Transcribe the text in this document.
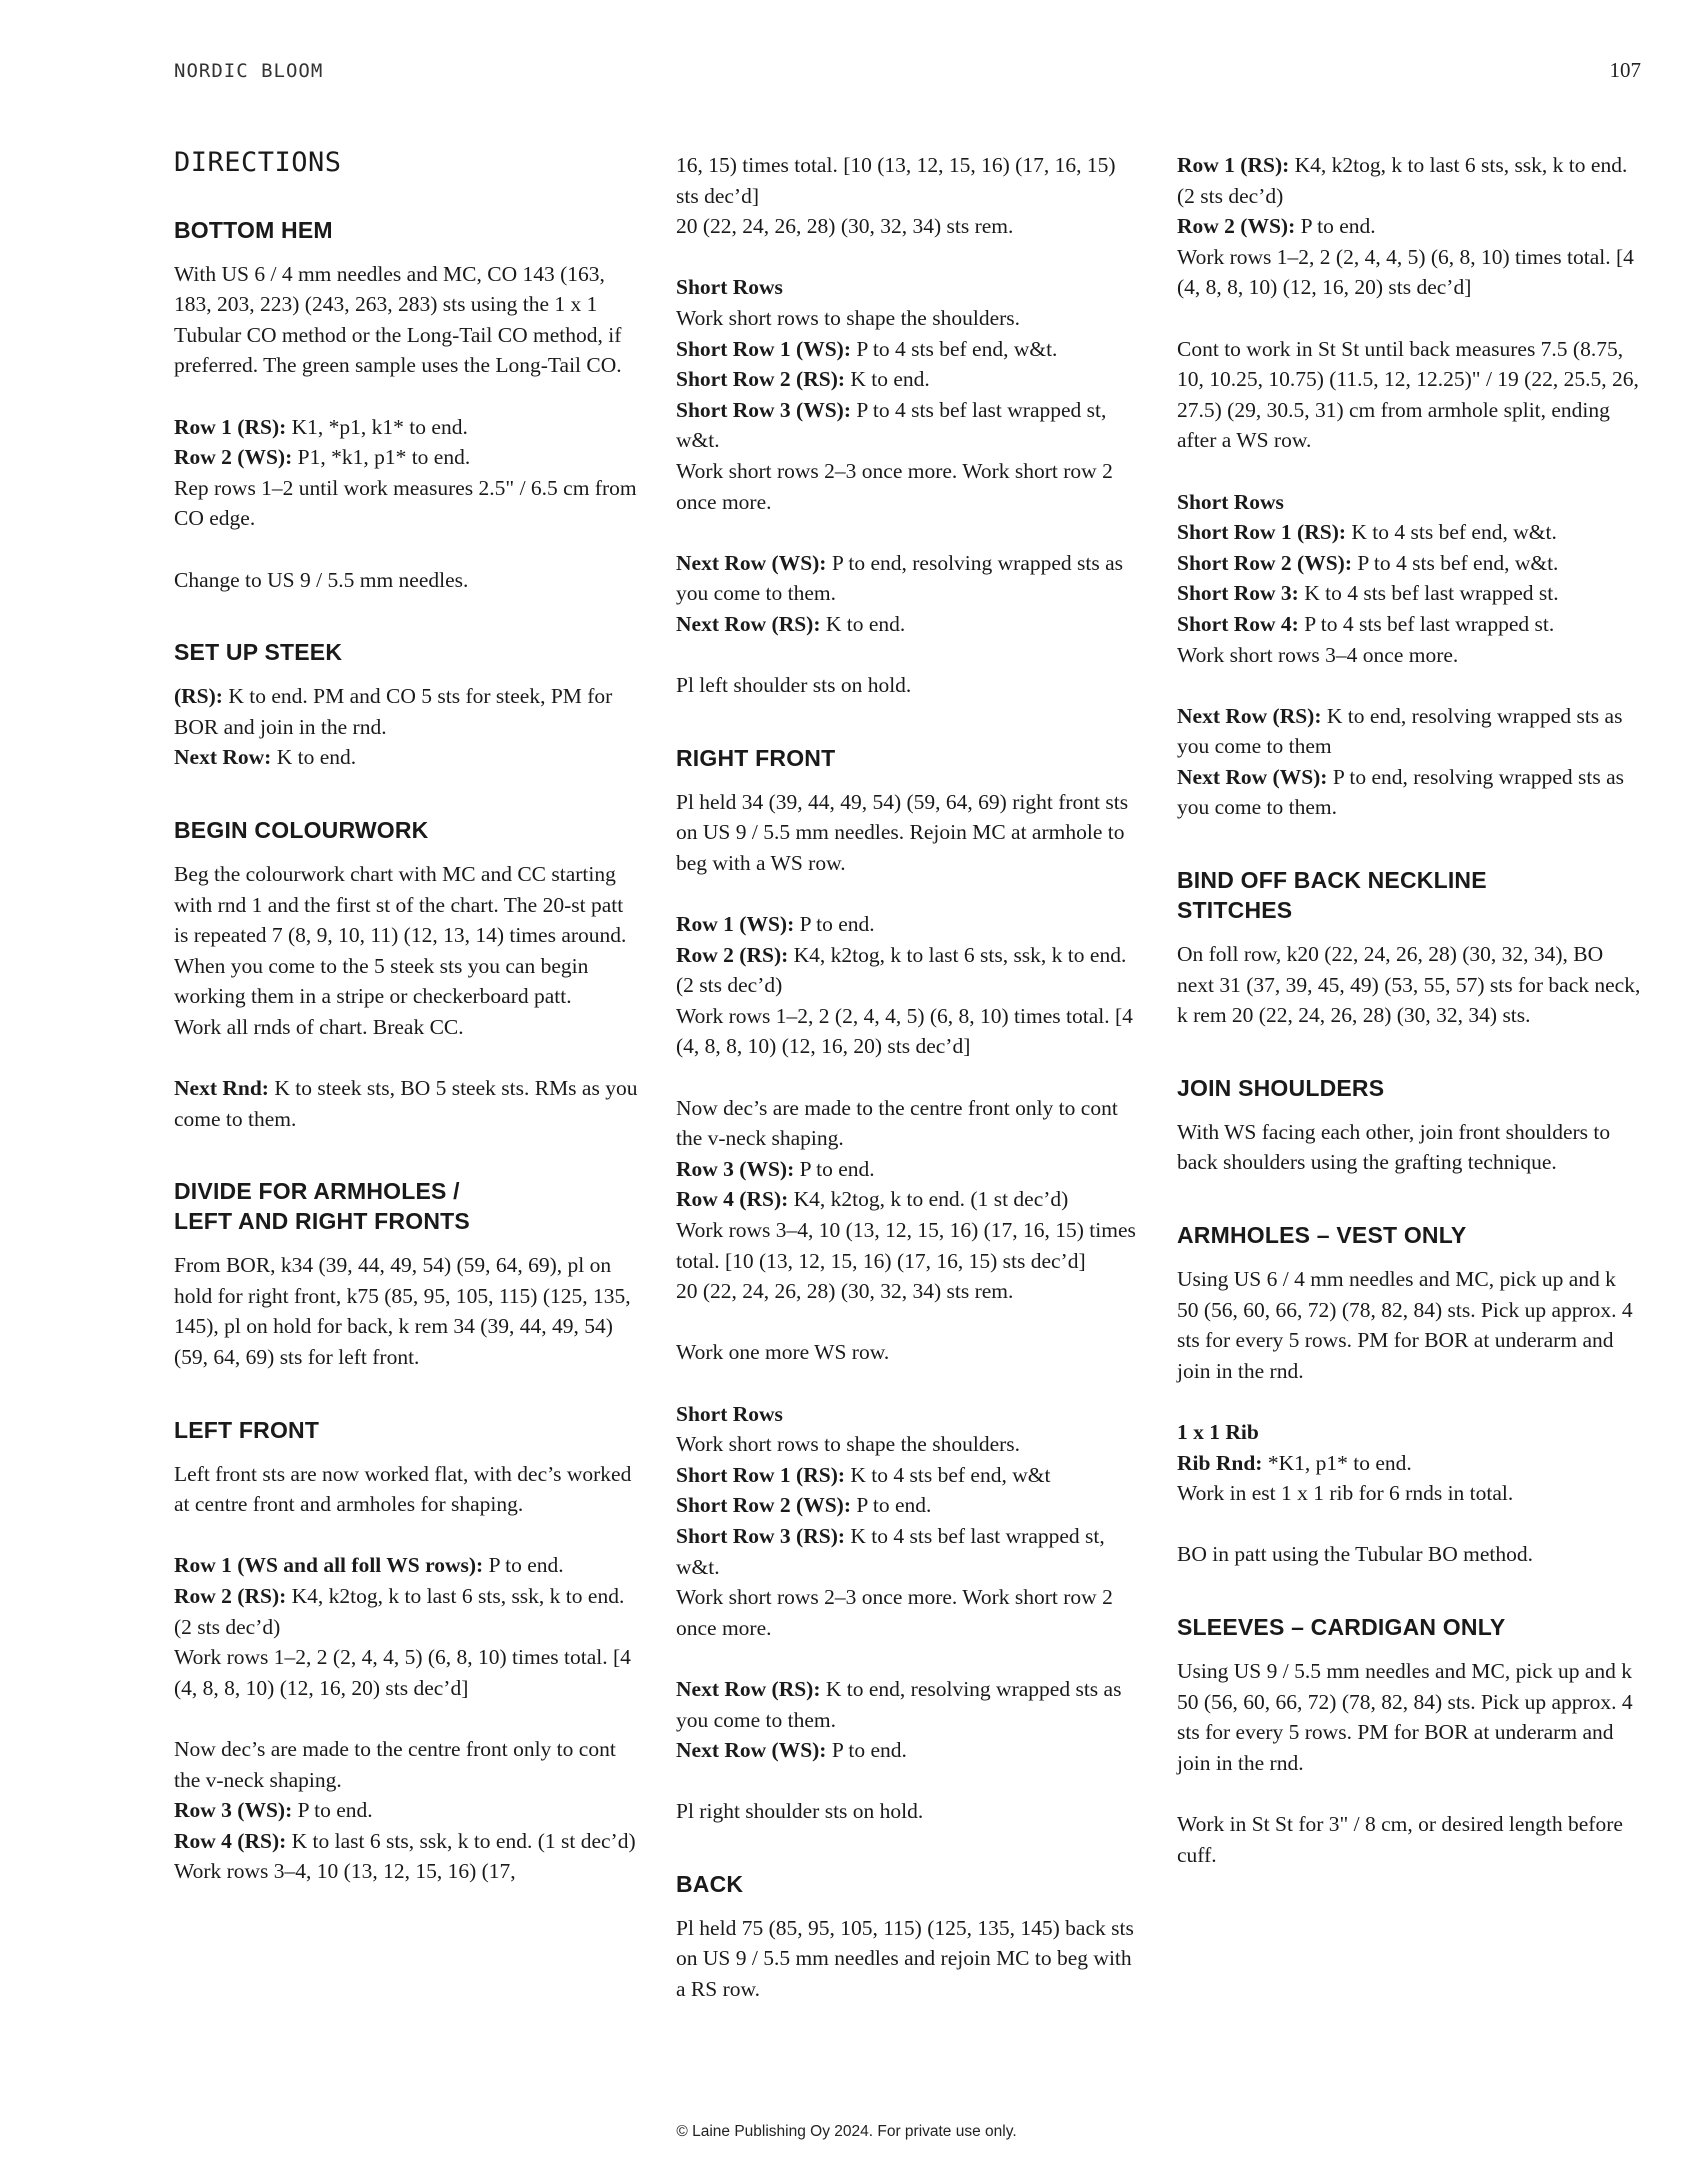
NORDIC BLOOM	107
DIRECTIONS
BOTTOM HEM

With US 6 / 4 mm needles and MC, CO 143 (163, 183, 203, 223) (243, 263, 283) sts using the 1 x 1 Tubular CO method or the Long-Tail CO method, if preferred. The green sample uses the Long-Tail CO.

Row 1 (RS): K1, *p1, k1* to end.

Row 2 (WS): P1, *k1, p1* to end.

Rep rows 1–2 until work measures 2.5" / 6.5 cm from CO edge.

Change to US 9 / 5.5 mm needles.

SET UP STEEK

(RS): K to end. PM and CO 5 sts for steek, PM for BOR and join in the rnd.

Next Row: K to end.

BEGIN COLOURWORK

Beg the colourwork chart with MC and CC starting with rnd 1 and the first st of the chart. The 20-st patt is repeated 7 (8, 9, 10, 11) (12, 13, 14) times around. When you come to the 5 steek sts you can begin working them in a stripe or checkerboard patt.

Work all rnds of chart. Break CC.

Next Rnd: K to steek sts, BO 5 steek sts. RMs as you come to them.

DIVIDE FOR ARMHOLES /
LEFT AND RIGHT FRONTS

From BOR, k34 (39, 44, 49, 54) (59, 64, 69), pl on hold for right front, k75 (85, 95, 105, 115) (125, 135, 145), pl on hold for back, k rem 34 (39, 44, 49, 54) (59, 64, 69) sts for left front.

LEFT FRONT

Left front sts are now worked flat, with dec’s worked at centre front and armholes for shaping.

Row 1 (WS and all foll WS rows): P to end.

Row 2 (RS): K4, k2tog, k to last 6 sts, ssk, k to end. (2 sts dec’d)

Work rows 1–2, 2 (2, 4, 4, 5) (6, 8, 10) times total. [4 (4, 8, 8, 10) (12, 16, 20) sts dec’d]

Now dec’s are made to the centre front only to cont the v-neck shaping.

Row 3 (WS): P to end.

Row 4 (RS): K to last 6 sts, ssk, k to end. (1 st dec’d)

Work rows 3–4, 10 (13, 12, 15, 16) (17,

16, 15) times total. [10 (13, 12, 15, 16) (17, 16, 15) sts dec’d]

20 (22, 24, 26, 28) (30, 32, 34) sts rem.

Short Rows

Work short rows to shape the shoulders.

Short Row 1 (WS): P to 4 sts bef end, w&t.

Short Row 2 (RS): K to end.

Short Row 3 (WS): P to 4 sts bef last wrapped st, w&t.

Work short rows 2–3 once more. Work short row 2 once more.

Next Row (WS): P to end, resolving wrapped sts as you come to them.

Next Row (RS): K to end.

Pl left shoulder sts on hold.

RIGHT FRONT

Pl held 34 (39, 44, 49, 54) (59, 64, 69) right front sts on US 9 / 5.5 mm needles. Rejoin MC at armhole to beg with a WS row.

Row 1 (WS): P to end.

Row 2 (RS): K4, k2tog, k to last 6 sts, ssk, k to end. (2 sts dec’d)

Work rows 1–2, 2 (2, 4, 4, 5) (6, 8, 10) times total. [4 (4, 8, 8, 10) (12, 16, 20) sts dec’d]

Now dec’s are made to the centre front only to cont the v-neck shaping.

Row 3 (WS): P to end.

Row 4 (RS): K4, k2tog, k to end. (1 st dec’d)

Work rows 3–4, 10 (13, 12, 15, 16) (17, 16, 15) times total. [10 (13, 12, 15, 16) (17, 16, 15) sts dec’d]

20 (22, 24, 26, 28) (30, 32, 34) sts rem.

Work one more WS row.

Short Rows

Work short rows to shape the shoulders.

Short Row 1 (RS): K to 4 sts bef end, w&t

Short Row 2 (WS): P to end.

Short Row 3 (RS): K to 4 sts bef last wrapped st, w&t.

Work short rows 2–3 once more. Work short row 2 once more.

Next Row (RS): K to end, resolving wrapped sts as you come to them.

Next Row (WS): P to end.

Pl right shoulder sts on hold.

BACK

Pl held 75 (85, 95, 105, 115) (125, 135, 145) back sts on US 9 / 5.5 mm needles and rejoin MC to beg with a RS row.

Row 1 (RS): K4, k2tog, k to last 6 sts, ssk, k to end. (2 sts dec’d)

Row 2 (WS): P to end.

Work rows 1–2, 2 (2, 4, 4, 5) (6, 8, 10) times total. [4 (4, 8, 8, 10) (12, 16, 20) sts dec’d]

Cont to work in St St until back measures 7.5 (8.75, 10, 10.25, 10.75) (11.5, 12, 12.25)" / 19 (22, 25.5, 26, 27.5) (29, 30.5, 31) cm from armhole split, ending after a WS row.

Short Rows

Short Row 1 (RS): K to 4 sts bef end, w&t.

Short Row 2 (WS): P to 4 sts bef end, w&t.

Short Row 3: K to 4 sts bef last wrapped st.

Short Row 4: P to 4 sts bef last wrapped st.

Work short rows 3–4 once more.

Next Row (RS): K to end, resolving wrapped sts as you come to them

Next Row (WS): P to end, resolving wrapped sts as you come to them.

BIND OFF BACK NECKLINE
STITCHES

On foll row, k20 (22, 24, 26, 28) (30, 32, 34), BO next 31 (37, 39, 45, 49) (53, 55, 57) sts for back neck, k rem 20 (22, 24, 26, 28) (30, 32, 34) sts.

JOIN SHOULDERS

With WS facing each other, join front shoulders to back shoulders using the grafting technique.

ARMHOLES – VEST ONLY

Using US 6 / 4 mm needles and MC, pick up and k 50 (56, 60, 66, 72) (78, 82, 84) sts. Pick up approx. 4 sts for every 5 rows. PM for BOR at underarm and join in the rnd.

1 x 1 Rib

Rib Rnd: *K1, p1* to end.

Work in est 1 x 1 rib for 6 rnds in total.

BO in patt using the Tubular BO method.

SLEEVES – CARDIGAN ONLY

Using US 9 / 5.5 mm needles and MC, pick up and k 50 (56, 60, 66, 72) (78, 82, 84) sts. Pick up approx. 4 sts for every 5 rows. PM for BOR at underarm and join in the rnd.

Work in St St for 3" / 8 cm, or desired length before cuff.

© Laine Publishing Oy 2024. For private use only.
